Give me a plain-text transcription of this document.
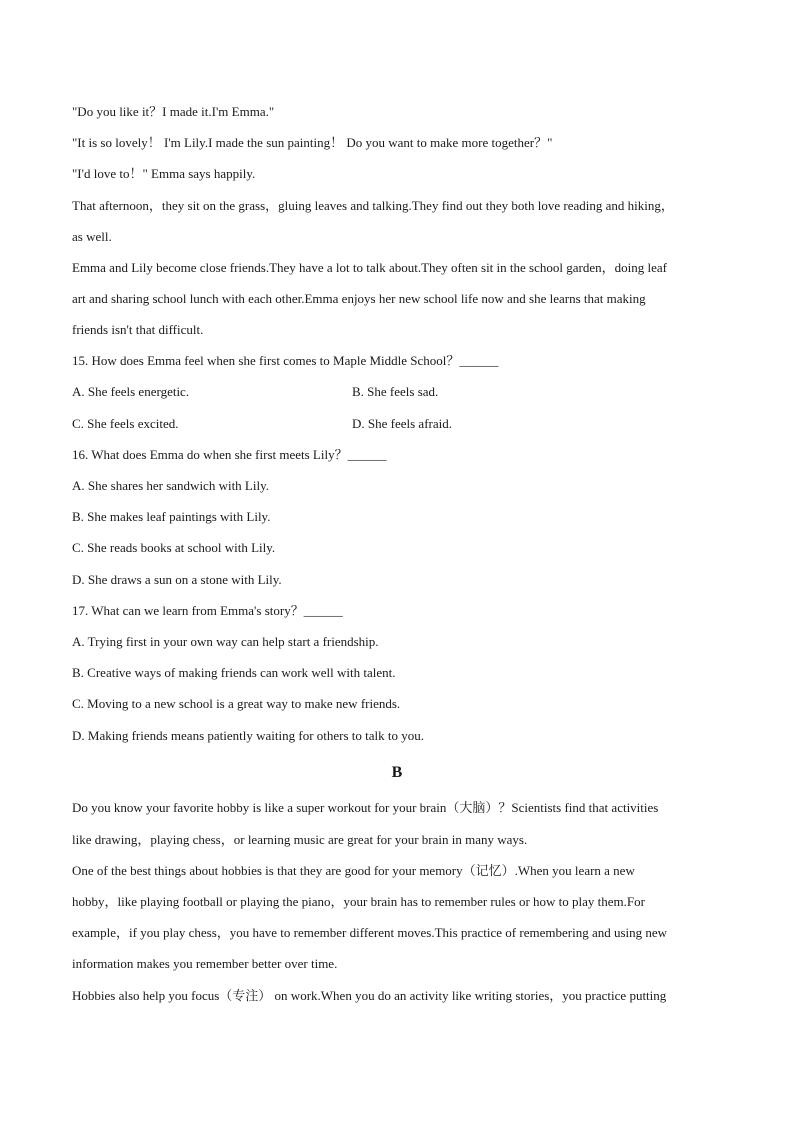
"Do you like it？I made it.I'm Emma."
"It is so lovely！ I'm Lily.I made the sun painting！ Do you want to make more together？"
"I'd love to！" Emma says happily.
That afternoon，they sit on the grass，gluing leaves and talking.They find out they both love reading and hiking，
as well.
Emma and Lily become close friends.They have a lot to talk about.They often sit in the school garden，doing leaf
art and sharing school lunch with each other.Emma enjoys her new school life now and she learns that making
friends isn't that difficult.
15. How does Emma feel when she first comes to Maple Middle School？______
A. She feels energetic.	B. She feels sad.
C. She feels excited.	D. She feels afraid.
16. What does Emma do when she first meets Lily？______
A. She shares her sandwich with Lily.
B. She makes leaf paintings with Lily.
C. She reads books at school with Lily.
D. She draws a sun on a stone with Lily.
17. What can we learn from Emma's story？______
A. Trying first in your own way can help start a friendship.
B. Creative ways of making friends can work well with talent.
C. Moving to a new school is a great way to make new friends.
D. Making friends means patiently waiting for others to talk to you.
B
Do you know your favorite hobby is like a super workout for your brain（大脑）？Scientists find that activities
like drawing，playing chess，or learning music are great for your brain in many ways.
One of the best things about hobbies is that they are good for your memory（记忆）.When you learn a new
hobby，like playing football or playing the piano，your brain has to remember rules or how to play them.For
example，if you play chess，you have to remember different moves.This practice of remembering and using new
information makes you remember better over time.
Hobbies also help you focus（专注） on work.When you do an activity like writing stories，you practice putting
